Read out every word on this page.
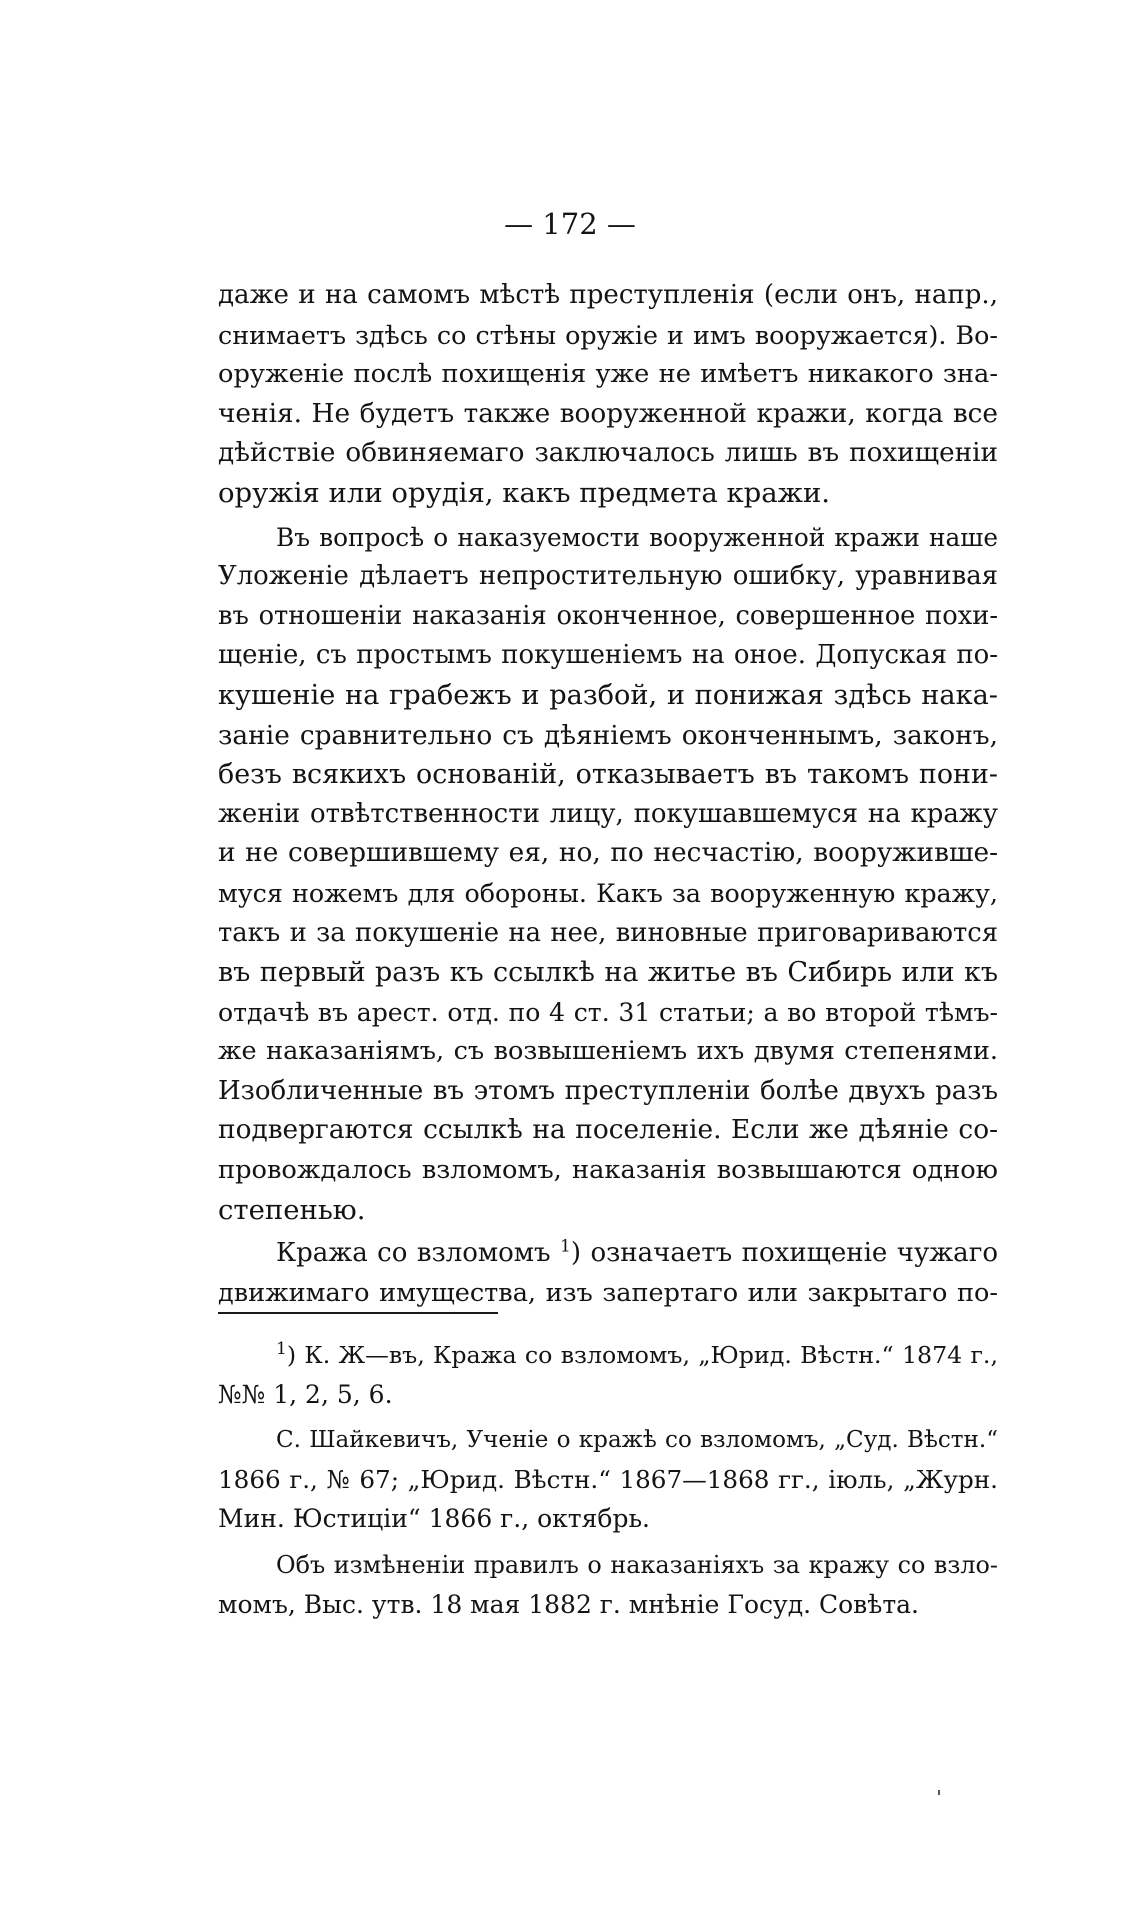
— 172 —
даже и на самомъ мѣстѣ преступленія (если онъ, напр.,
снимаетъ здѣсь со стѣны оружіе и имъ вооружается). Во-
оруженіе послѣ похищенія уже не имѣетъ никакого зна-
ченія. Не будетъ также вооруженной кражи, когда все
дѣйствіе обвиняемаго заключалось лишь въ похищеніи
оружія или орудія, какъ предмета кражи.
Въ вопросѣ о наказуемости вооруженной кражи наше
Уложеніе дѣлаетъ непростительную ошибку, уравнивая
въ отношеніи наказанія оконченное, совершенное похи-
щеніе, съ простымъ покушеніемъ на оное. Допуская по-
кушеніе на грабежъ и разбой, и понижая здѣсь нака-
заніе сравнительно съ дѣяніемъ оконченнымъ, законъ,
безъ всякихъ основаній, отказываетъ въ такомъ пони-
женіи отвѣтственности лицу, покушавшемуся на кражу
и не совершившему ея, но, по несчастію, вооруживше-
муся ножемъ для обороны. Какъ за вооруженную кражу,
такъ и за покушеніе на нее, виновные приговариваются
въ первый разъ къ ссылкѣ на житье въ Сибирь или къ
отдачѣ въ арест. отд. по 4 ст. 31 статьи; а во второй тѣмъ-
же наказаніямъ, съ возвышеніемъ ихъ двумя степенями.
Изобличенные въ этомъ преступленіи болѣе двухъ разъ
подвергаются ссылкѣ на поселеніе. Если же дѣяніе со-
провождалось взломомъ, наказанія возвышаются одною
степенью.
Кража со взломомъ $^1$) означаетъ похищеніе чужаго
движимаго имущества, изъ запертаго или закрытаго по-
$^1$) К. Ж—въ, Кража со взломомъ, „Юрид. Вѣстн.“ 1874 г.,
№№ 1, 2, 5, 6.
С. Шайкевичъ, Ученіе о кражѣ со взломомъ, „Суд. Вѣстн.“
1866 г., № 67; „Юрид. Вѣстн.“ 1867—1868 гг., іюль, „Журн.
Мин. Юстиціи“ 1866 г., октябрь.
Объ измѣненіи правилъ о наказаніяхъ за кражу со взло-
момъ, Выс. утв. 18 мая 1882 г. мнѣніе Госуд. Совѣта.
